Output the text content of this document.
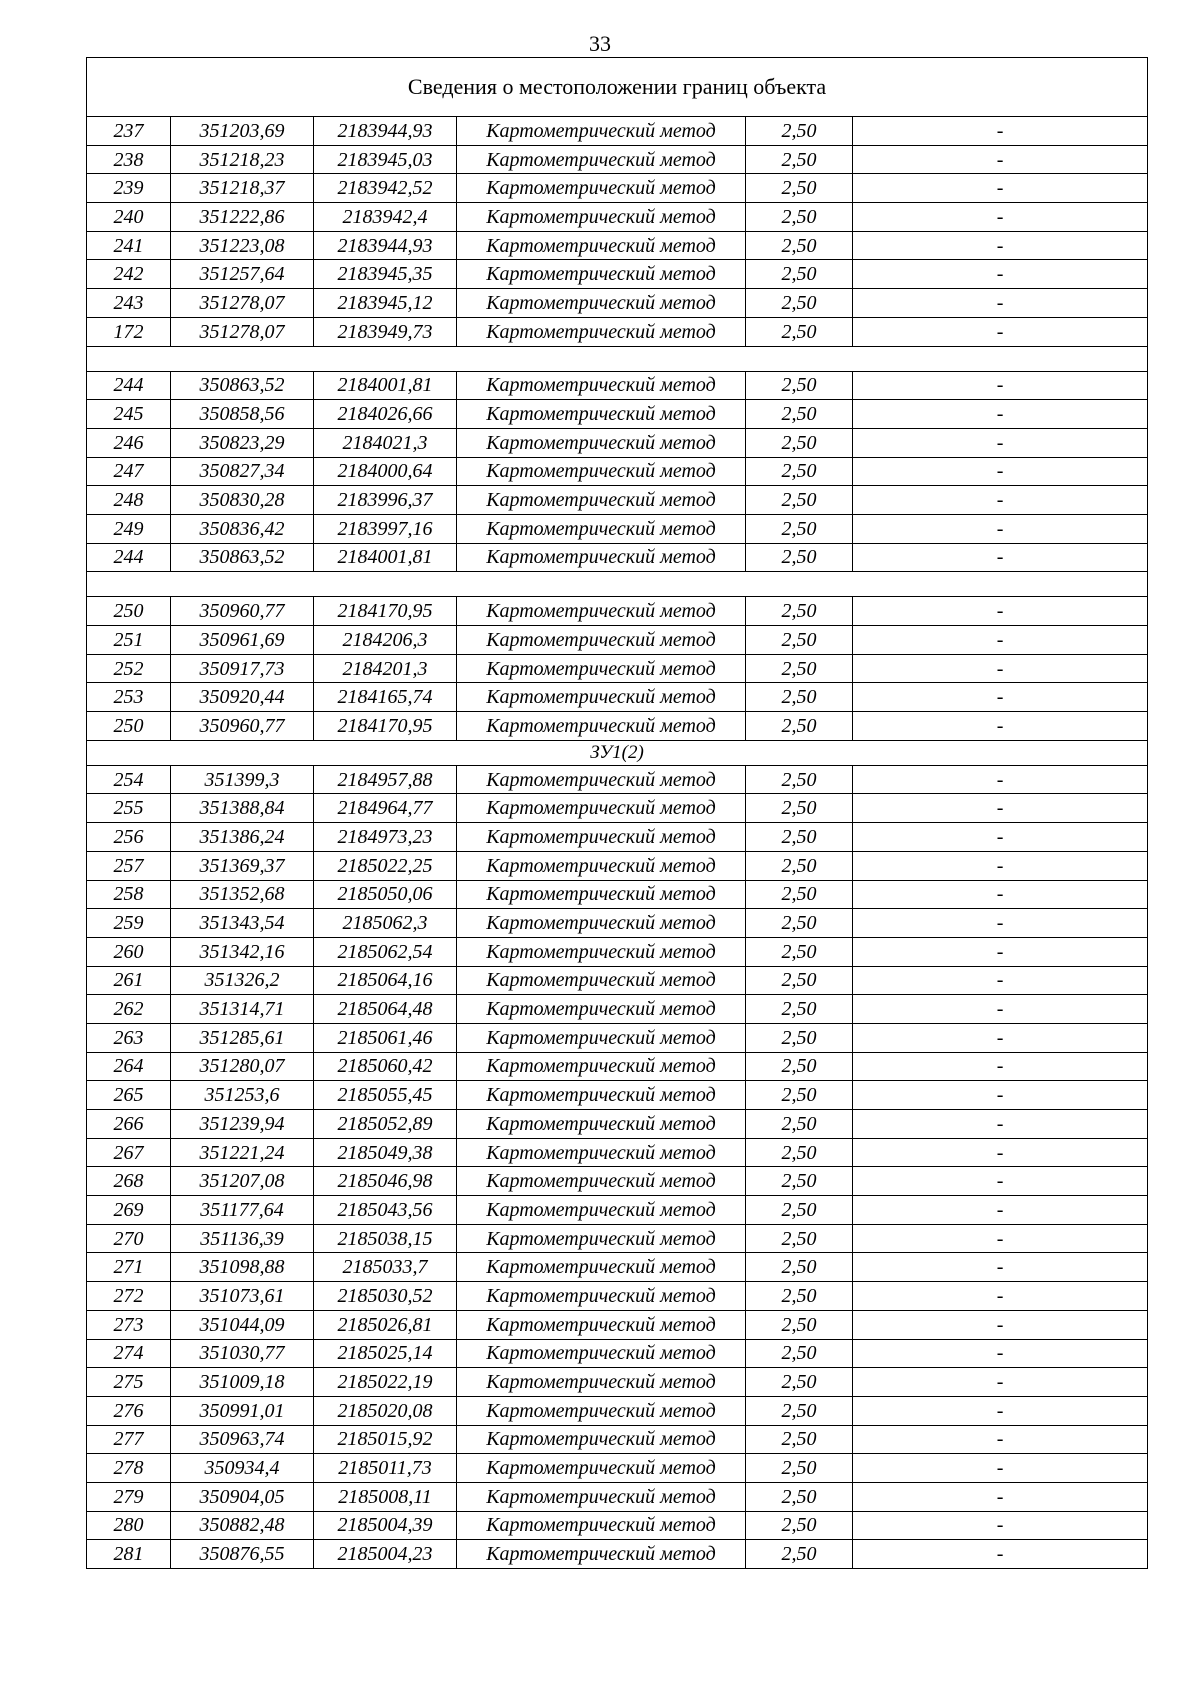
33
Сведения о местоположении границ объекта					
237	351203,69	2183944,93	Картометрический метод	2,50	-
238	351218,23	2183945,03	Картометрический метод	2,50	-
239	351218,37	2183942,52	Картометрический метод	2,50	-
240	351222,86	2183942,4	Картометрический метод	2,50	-
241	351223,08	2183944,93	Картометрический метод	2,50	-
242	351257,64	2183945,35	Картометрический метод	2,50	-
243	351278,07	2183945,12	Картометрический метод	2,50	-
172	351278,07	2183949,73	Картометрический метод	2,50	-

244	350863,52	2184001,81	Картометрический метод	2,50	-
245	350858,56	2184026,66	Картометрический метод	2,50	-
246	350823,29	2184021,3	Картометрический метод	2,50	-
247	350827,34	2184000,64	Картометрический метод	2,50	-
248	350830,28	2183996,37	Картометрический метод	2,50	-
249	350836,42	2183997,16	Картометрический метод	2,50	-
244	350863,52	2184001,81	Картометрический метод	2,50	-

250	350960,77	2184170,95	Картометрический метод	2,50	-
251	350961,69	2184206,3	Картометрический метод	2,50	-
252	350917,73	2184201,3	Картометрический метод	2,50	-
253	350920,44	2184165,74	Картометрический метод	2,50	-
250	350960,77	2184170,95	Картометрический метод	2,50	-
ЗУ1(2)					
254	351399,3	2184957,88	Картометрический метод	2,50	-
255	351388,84	2184964,77	Картометрический метод	2,50	-
256	351386,24	2184973,23	Картометрический метод	2,50	-
257	351369,37	2185022,25	Картометрический метод	2,50	-
258	351352,68	2185050,06	Картометрический метод	2,50	-
259	351343,54	2185062,3	Картометрический метод	2,50	-
260	351342,16	2185062,54	Картометрический метод	2,50	-
261	351326,2	2185064,16	Картометрический метод	2,50	-
262	351314,71	2185064,48	Картометрический метод	2,50	-
263	351285,61	2185061,46	Картометрический метод	2,50	-
264	351280,07	2185060,42	Картометрический метод	2,50	-
265	351253,6	2185055,45	Картометрический метод	2,50	-
266	351239,94	2185052,89	Картометрический метод	2,50	-
267	351221,24	2185049,38	Картометрический метод	2,50	-
268	351207,08	2185046,98	Картометрический метод	2,50	-
269	351177,64	2185043,56	Картометрический метод	2,50	-
270	351136,39	2185038,15	Картометрический метод	2,50	-
271	351098,88	2185033,7	Картометрический метод	2,50	-
272	351073,61	2185030,52	Картометрический метод	2,50	-
273	351044,09	2185026,81	Картометрический метод	2,50	-
274	351030,77	2185025,14	Картометрический метод	2,50	-
275	351009,18	2185022,19	Картометрический метод	2,50	-
276	350991,01	2185020,08	Картометрический метод	2,50	-
277	350963,74	2185015,92	Картометрический метод	2,50	-
278	350934,4	2185011,73	Картометрический метод	2,50	-
279	350904,05	2185008,11	Картометрический метод	2,50	-
280	350882,48	2185004,39	Картометрический метод	2,50	-
281	350876,55	2185004,23	Картометрический метод	2,50	-
